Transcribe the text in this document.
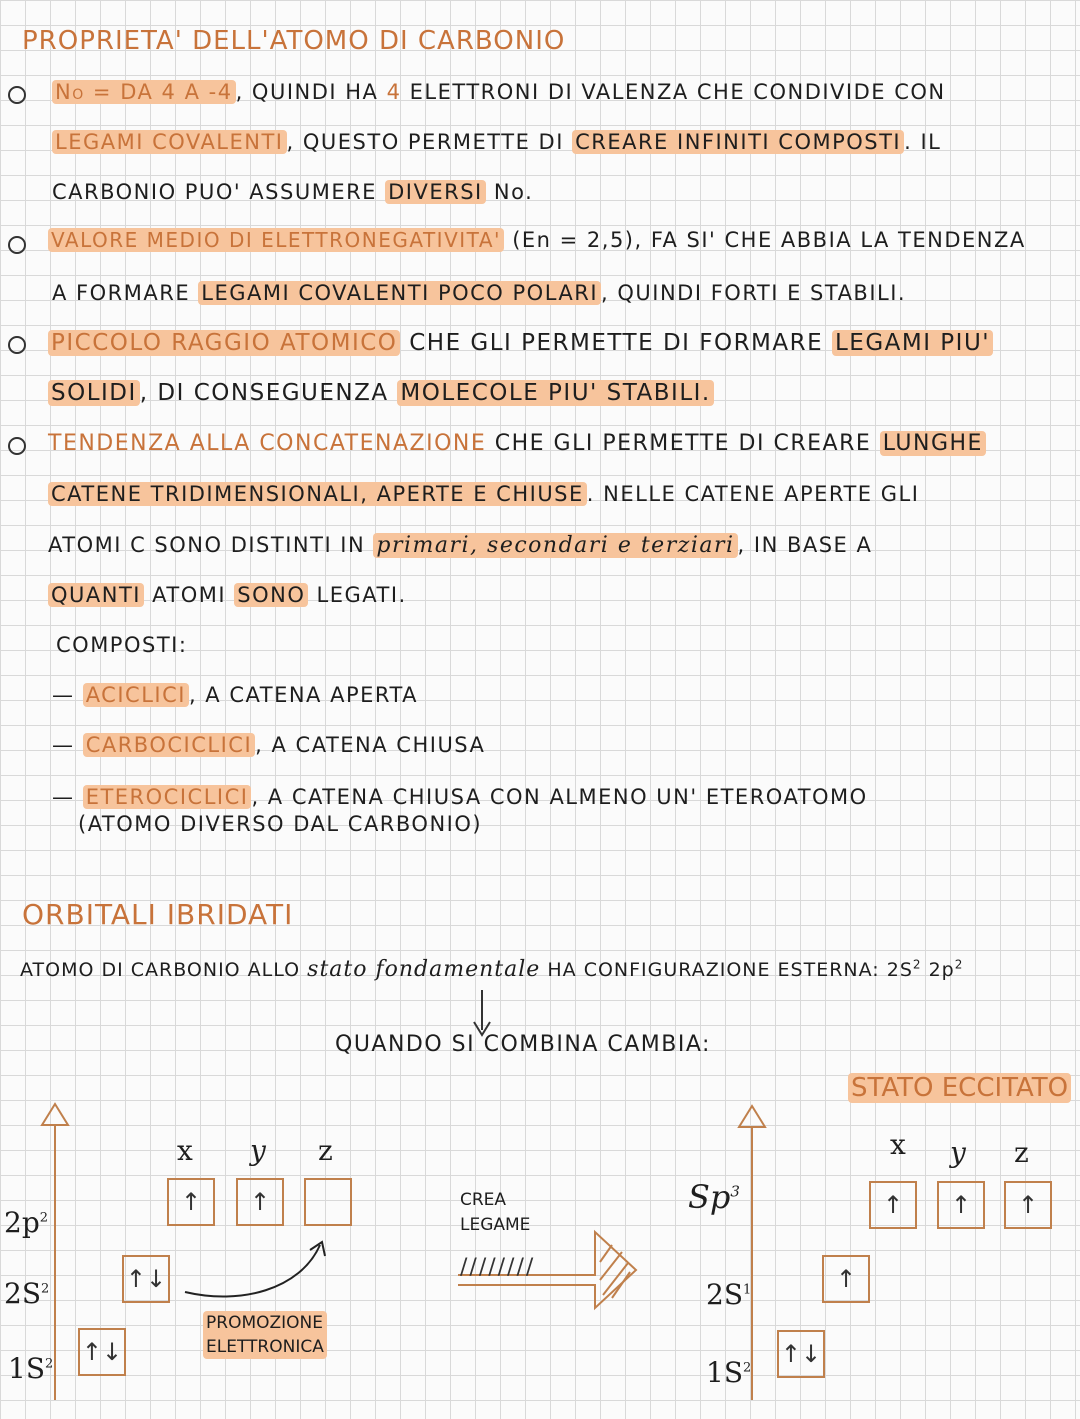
PROPRIETA' DELL'ATOMO DI CARBONIO
NO = DA 4 A -4 , QUINDI HA 4 ELETTRONI DI VALENZA CHE CONDIVIDE CON
LEGAMI COVALENTI , QUESTO PERMETTE DI CREARE INFINITI COMPOSTI . IL
CARBONIO PUO' ASSUMERE DIVERSI No.
VALORE MEDIO DI ELETTRONEGATIVITA' (En = 2,5), FA SI' CHE ABBIA LA TENDENZA
A FORMARE LEGAMI COVALENTI POCO POLARI , QUINDI FORTI E STABILI.
PICCOLO RAGGIO ATOMICO CHE GLI PERMETTE DI FORMARE LEGAMI PIU'
SOLIDI , DI CONSEGUENZA MOLECOLE PIU' STABILI.
TENDENZA ALLA CONCATENAZIONE CHE GLI PERMETTE DI CREARE LUNGHE
CATENE TRIDIMENSIONALI, APERTE E CHIUSE . NELLE CATENE APERTE GLI
ATOMI C SONO DISTINTI IN primari, secondari e terziari , IN BASE A
QUANTI ATOMI SONO LEGATI.
COMPOSTI:
— ACICLICI , A CATENA APERTA
— CARBOCICLICI , A CATENA CHIUSA
— ETEROCICLICI , A CATENA CHIUSA CON ALMENO UN' ETEROATOMO
(ATOMO DIVERSO DAL CARBONIO)
ORBITALI IBRIDATI
ATOMO DI CARBONIO ALLO stato fondamentale HA CONFIGURAZIONE ESTERNA: $2S^2$ $2p^2$
QUANDO SI COMBINA CAMBIA:
STATO ECCITATO
x y z
↑	↑
↑↓
↑↓
$2p^2$
$2S^2$
$1S^2$
PROMOZIONE
ELETTRONICA
CREA
LEGAME
////////
x y z
↑	↑	↑
↑
↑↓
Sp$^3$
$2S^1$
$1S^2$
